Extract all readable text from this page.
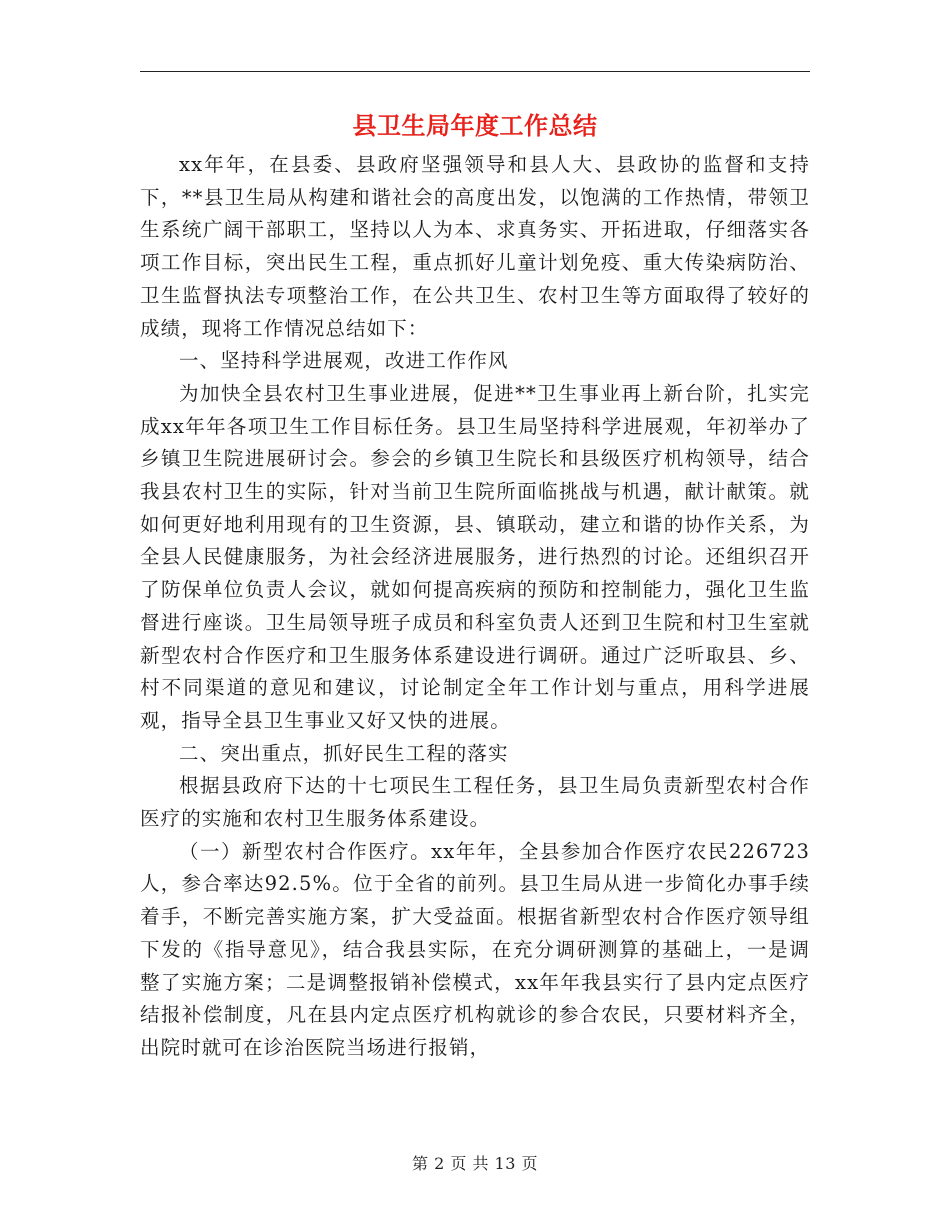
县卫生局年度工作总结

xx年年，在县委、县政府坚强领导和县人大、县政协的监督和支持下，**县卫生局从构建和谐社会的高度出发，以饱满的工作热情，带领卫生系统广阔干部职工，坚持以人为本、求真务实、开拓进取，仔细落实各项工作目标，突出民生工程，重点抓好儿童计划免疫、重大传染病防治、卫生监督执法专项整治工作，在公共卫生、农村卫生等方面取得了较好的成绩，现将工作情况总结如下：

一、坚持科学进展观，改进工作作风

为加快全县农村卫生事业进展，促进**卫生事业再上新台阶，扎实完成xx年年各项卫生工作目标任务。县卫生局坚持科学进展观，年初举办了乡镇卫生院进展研讨会。参会的乡镇卫生院长和县级医疗机构领导，结合我县农村卫生的实际，针对当前卫生院所面临挑战与机遇，献计献策。就如何更好地利用现有的卫生资源，县、镇联动，建立和谐的协作关系，为全县人民健康服务，为社会经济进展服务，进行热烈的讨论。还组织召开了防保单位负责人会议，就如何提高疾病的预防和控制能力，强化卫生监督进行座谈。卫生局领导班子成员和科室负责人还到卫生院和村卫生室就新型农村合作医疗和卫生服务体系建设进行调研。通过广泛听取县、乡、村不同渠道的意见和建议，讨论制定全年工作计划与重点，用科学进展观，指导全县卫生事业又好又快的进展。

二、突出重点，抓好民生工程的落实

根据县政府下达的十七项民生工程任务，县卫生局负责新型农村合作医疗的实施和农村卫生服务体系建设。

（一）新型农村合作医疗。xx年年，全县参加合作医疗农民226723人，参合率达92.5%。位于全省的前列。县卫生局从进一步简化办事手续着手，不断完善实施方案，扩大受益面。根据省新型农村合作医疗领导组下发的《指导意见》，结合我县实际，在充分调研测算的基础上，一是调整了实施方案；二是调整报销补偿模式，xx年年我县实行了县内定点医疗结报补偿制度，凡在县内定点医疗机构就诊的参合农民，只要材料齐全，出院时就可在诊治医院当场进行报销，

第 2 页 共 13 页
